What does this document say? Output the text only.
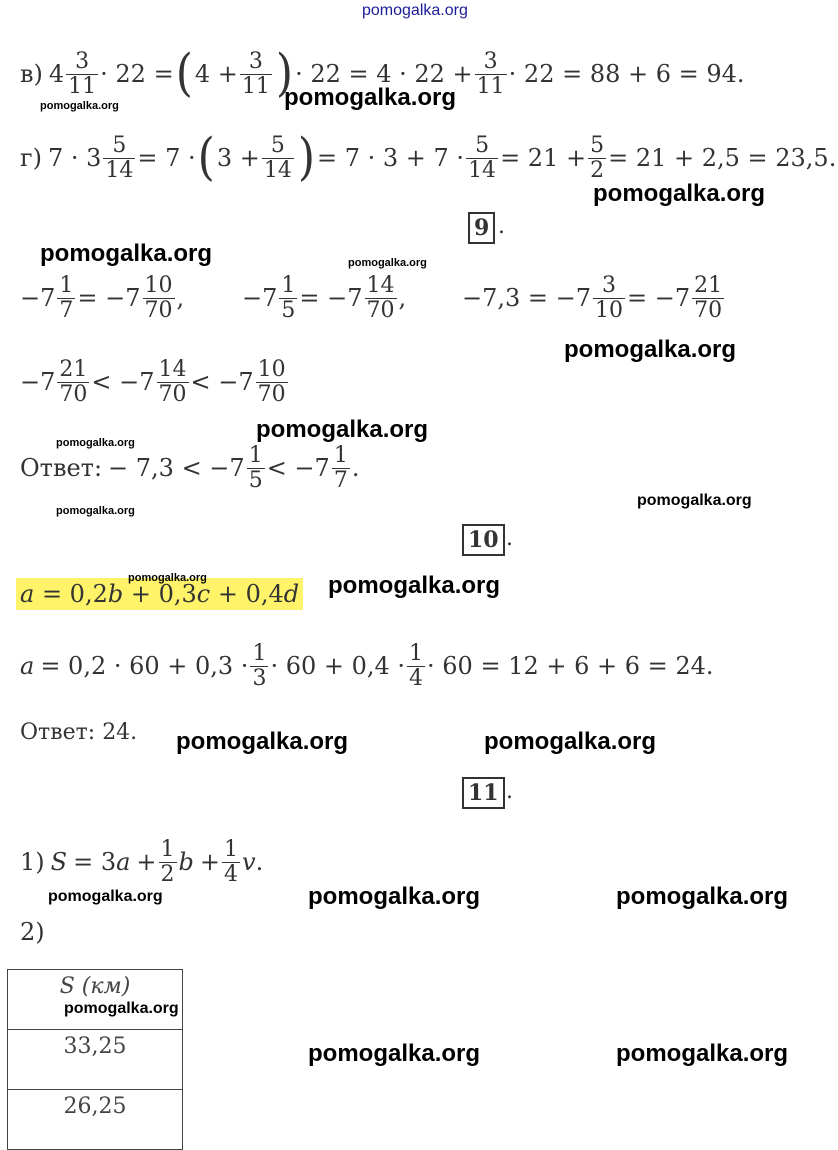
pomogalka.org
в) $4 \frac{3}{11} \cdot 22$ = ( $4 + \frac{3}{11}$ ) · $22 = 4 \cdot 22 + \frac{3}{11} \cdot 22 = 88 + 6 = 94$.
pomogalka.org	pomogalka.org
г) $7 \cdot 3 \frac{5}{14} = 7$ · ( $3 + \frac{5}{14}$ ) = $7 \cdot 3 + 7 \cdot \frac{5}{14} = 21 + \frac{5}{2} = 21 + 2,5 = 23,5$.
pomogalka.org
9 .
pomogalka.org	pomogalka.org
$-7 \frac{1}{7} = -7 \frac{10}{70}$ , $-7 \frac{1}{5} = -7 \frac{14}{70}$ , $-7,3 = -7 \frac{3}{10} = -7 \frac{21}{70}$
pomogalka.org
$-7 \frac{21}{70} < -7 \frac{14}{70} < -7 \frac{10}{70}$
pomogalka.org
pomogalka.org
Ответ: − $7,3 < -7 \frac{1}{5} < -7 \frac{1}{7}$ .
pomogalka.org
pomogalka.org
10 .
a = 0,2b + 0,3c + 0,4d
pomogalka.org	pomogalka.org
$a = 0,2 \cdot 60 + 0,3 \cdot \frac{1}{3} \cdot 60 + 0,4 \cdot \frac{1}{4} \cdot 60 = 12 + 6 + 6 = 24$.
Ответ: 24. pomogalka.org	pomogalka.org
11 .
1) S = 3 $a + \frac{1}{2}$ $b + \frac{1}{4}$ v .
pomogalka.org	pomogalka.org	pomogalka.org
2)
S (км)
33,25
26,25
pomogalka.org
pomogalka.org	pomogalka.org
